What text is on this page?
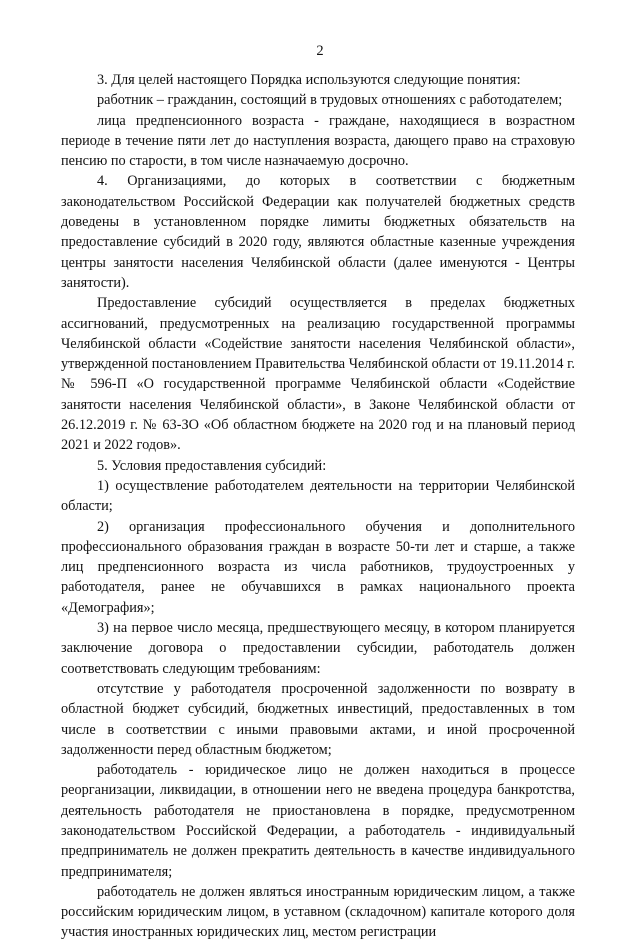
2

3. Для целей настоящего Порядка используются следующие понятия:

работник – гражданин, состоящий в трудовых отношениях с работодателем;

лица предпенсионного возраста - граждане, находящиеся в возрастном периоде в течение пяти лет до наступления возраста, дающего право на страховую пенсию по старости, в том числе назначаемую досрочно.

4. Организациями, до которых в соответствии с бюджетным законодательством Российской Федерации как получателей бюджетных средств доведены в установленном порядке лимиты бюджетных обязательств на предоставление субсидий в 2020 году, являются областные казенные учреждения центры занятости населения Челябинской области (далее именуются - Центры занятости).

Предоставление субсидий осуществляется в пределах бюджетных ассигнований, предусмотренных на реализацию государственной программы Челябинской области «Содействие занятости населения Челябинской области», утвержденной постановлением Правительства Челябинской области от 19.11.2014 г. № 596-П «О государственной программе Челябинской области «Содействие занятости населения Челябинской области», в Законе Челябинской области от 26.12.2019 г. № 63-ЗО «Об областном бюджете на 2020 год и на плановый период 2021 и 2022 годов».

5. Условия предоставления субсидий:

1) осуществление работодателем деятельности на территории Челябинской области;

2) организация профессионального обучения и дополнительного профессионального образования граждан в возрасте 50-ти лет и старше, а также лиц предпенсионного возраста из числа работников, трудоустроенных у работодателя, ранее не обучавшихся в рамках национального проекта «Демография»;

3) на первое число месяца, предшествующего месяцу, в котором планируется заключение договора о предоставлении субсидии, работодатель должен соответствовать следующим требованиям:

отсутствие у работодателя просроченной задолженности по возврату в областной бюджет субсидий, бюджетных инвестиций, предоставленных в том числе в соответствии с иными правовыми актами, и иной просроченной задолженности перед областным бюджетом;

работодатель - юридическое лицо не должен находиться в процессе реорганизации, ликвидации, в отношении него не введена процедура банкротства, деятельность работодателя не приостановлена в порядке, предусмотренном законодательством Российской Федерации, а работодатель - индивидуальный предприниматель не должен прекратить деятельность в качестве индивидуального предпринимателя;

работодатель не должен являться иностранным юридическим лицом, а также российским юридическим лицом, в уставном (складочном) капитале которого доля участия иностранных юридических лиц, местом регистрации
